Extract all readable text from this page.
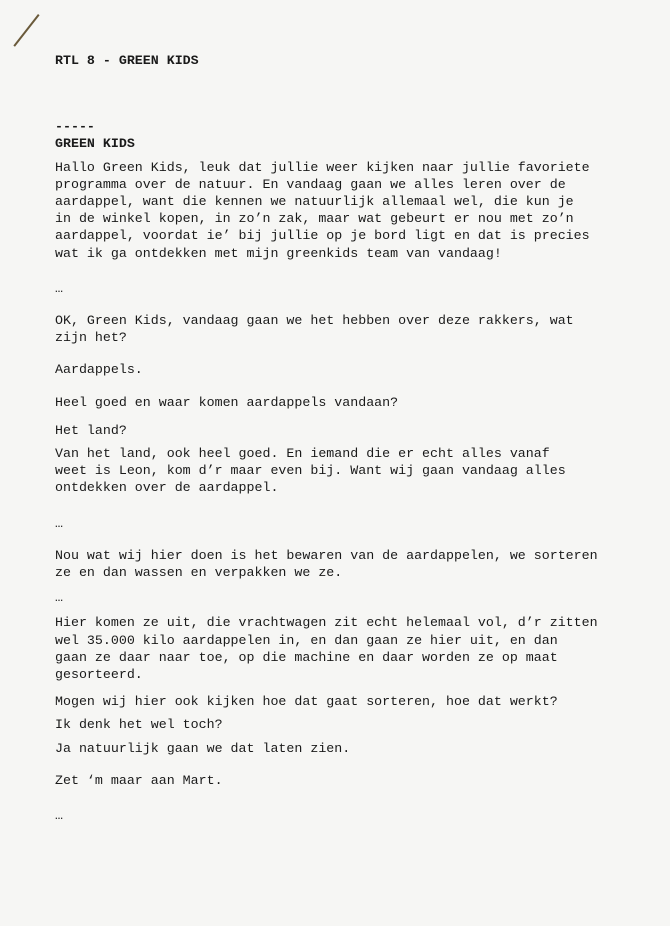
RTL 8 - GREEN KIDS

-----

GREEN KIDS

Hallo Green Kids, leuk dat jullie weer kijken naar jullie favoriete

programma over de natuur. En vandaag gaan we alles leren over de

aardappel, want die kennen we natuurlijk allemaal wel, die kun je

in de winkel kopen, in zo’n zak, maar wat gebeurt er nou met zo’n

aardappel, voordat ie’ bij jullie op je bord ligt en dat is precies

wat ik ga ontdekken met mijn greenkids team van vandaag!

…

OK, Green Kids, vandaag gaan we het hebben over deze rakkers, wat

zijn het?

Aardappels.

Heel goed en waar komen aardappels vandaan?

Het land?

Van het land, ook heel goed. En iemand die er echt alles vanaf

weet is Leon, kom d’r maar even bij. Want wij gaan vandaag alles

ontdekken over de aardappel.

…

Nou wat wij hier doen is het bewaren van de aardappelen, we sorteren

ze en dan wassen en verpakken we ze.

…

Hier komen ze uit, die vrachtwagen zit echt helemaal vol, d’r zitten

wel 35.000 kilo aardappelen in, en dan gaan ze hier uit, en dan

gaan ze daar naar toe, op die machine en daar worden ze op maat

gesorteerd.

Mogen wij hier ook kijken hoe dat gaat sorteren, hoe dat werkt?

Ik denk het wel toch?

Ja natuurlijk gaan we dat laten zien.

Zet ‘m maar aan Mart.

…
